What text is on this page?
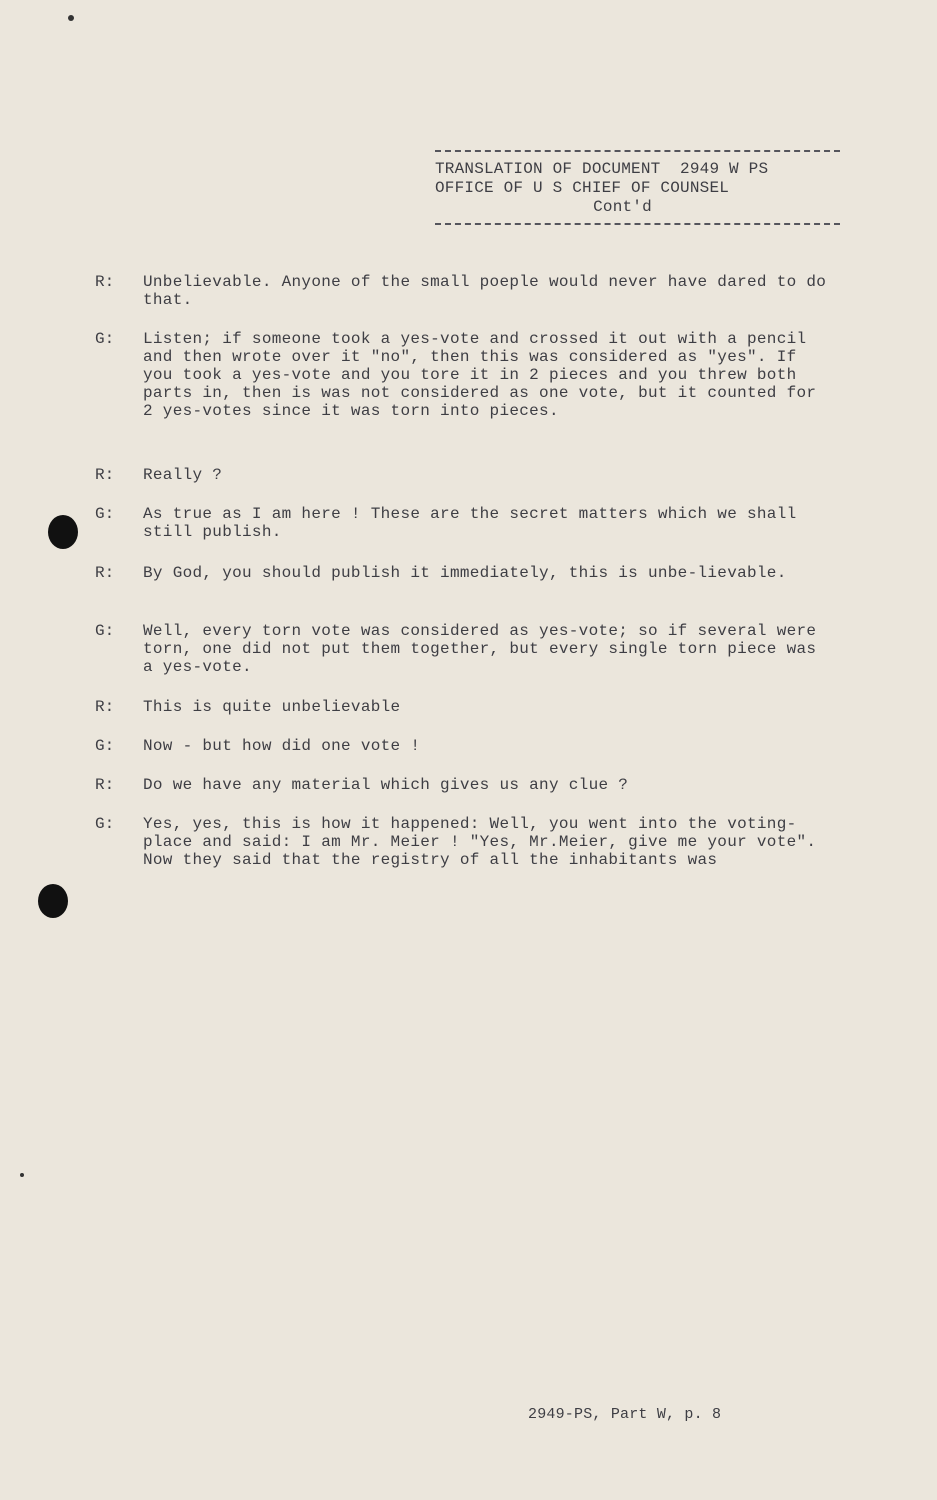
TRANSLATION OF DOCUMENT  2949 W PS
OFFICE OF U S CHIEF OF COUNSEL
Cont'd
R:	Unbelievable. Anyone of the small poeple would never have dared to do that.
G:	Listen; if someone took a yes-vote and crossed it out with a pencil and then wrote over it "no", then this was considered as "yes". If you took a yes-vote and you tore it in 2 pieces and you threw both parts in, then is was not considered as one vote, but it counted for 2 yes-votes since it was torn into pieces.
R:	Really ?
G:	As true as I am here ! These are the secret matters which we shall still publish.
R:	By God, you should publish it immediately, this is unbe-lievable.
G:	Well, every torn vote was considered as yes-vote; so if several were torn, one did not put them together, but every single torn piece was a yes-vote.
R:	This is quite unbelievable
G:	Now - but how did one vote !
R:	Do we have any material which gives us any clue ?
G:	Yes, yes, this is how it happened: Well, you went into the voting-place and said: I am Mr. Meier ! "Yes, Mr.Meier, give me your vote". Now they said that the registry of all the inhabitants was
2949-PS, Part W, p. 8
